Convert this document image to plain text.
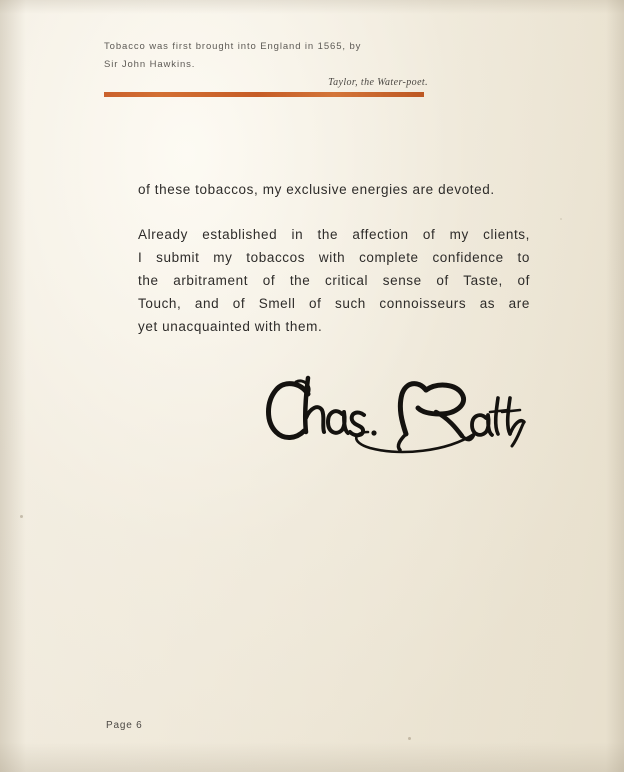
Tobacco was first brought into England in 1565, by
Sir John Hawkins.
Taylor, the Water-poet.

of these tobaccos, my exclusive energies are devoted.

Already established in the affection of my clients,
I submit my tobaccos with complete confidence to
the arbitrament of the critical sense of Taste, of
Touch, and of Smell of such connoisseurs as are
yet unacquainted with them.

Page 6
